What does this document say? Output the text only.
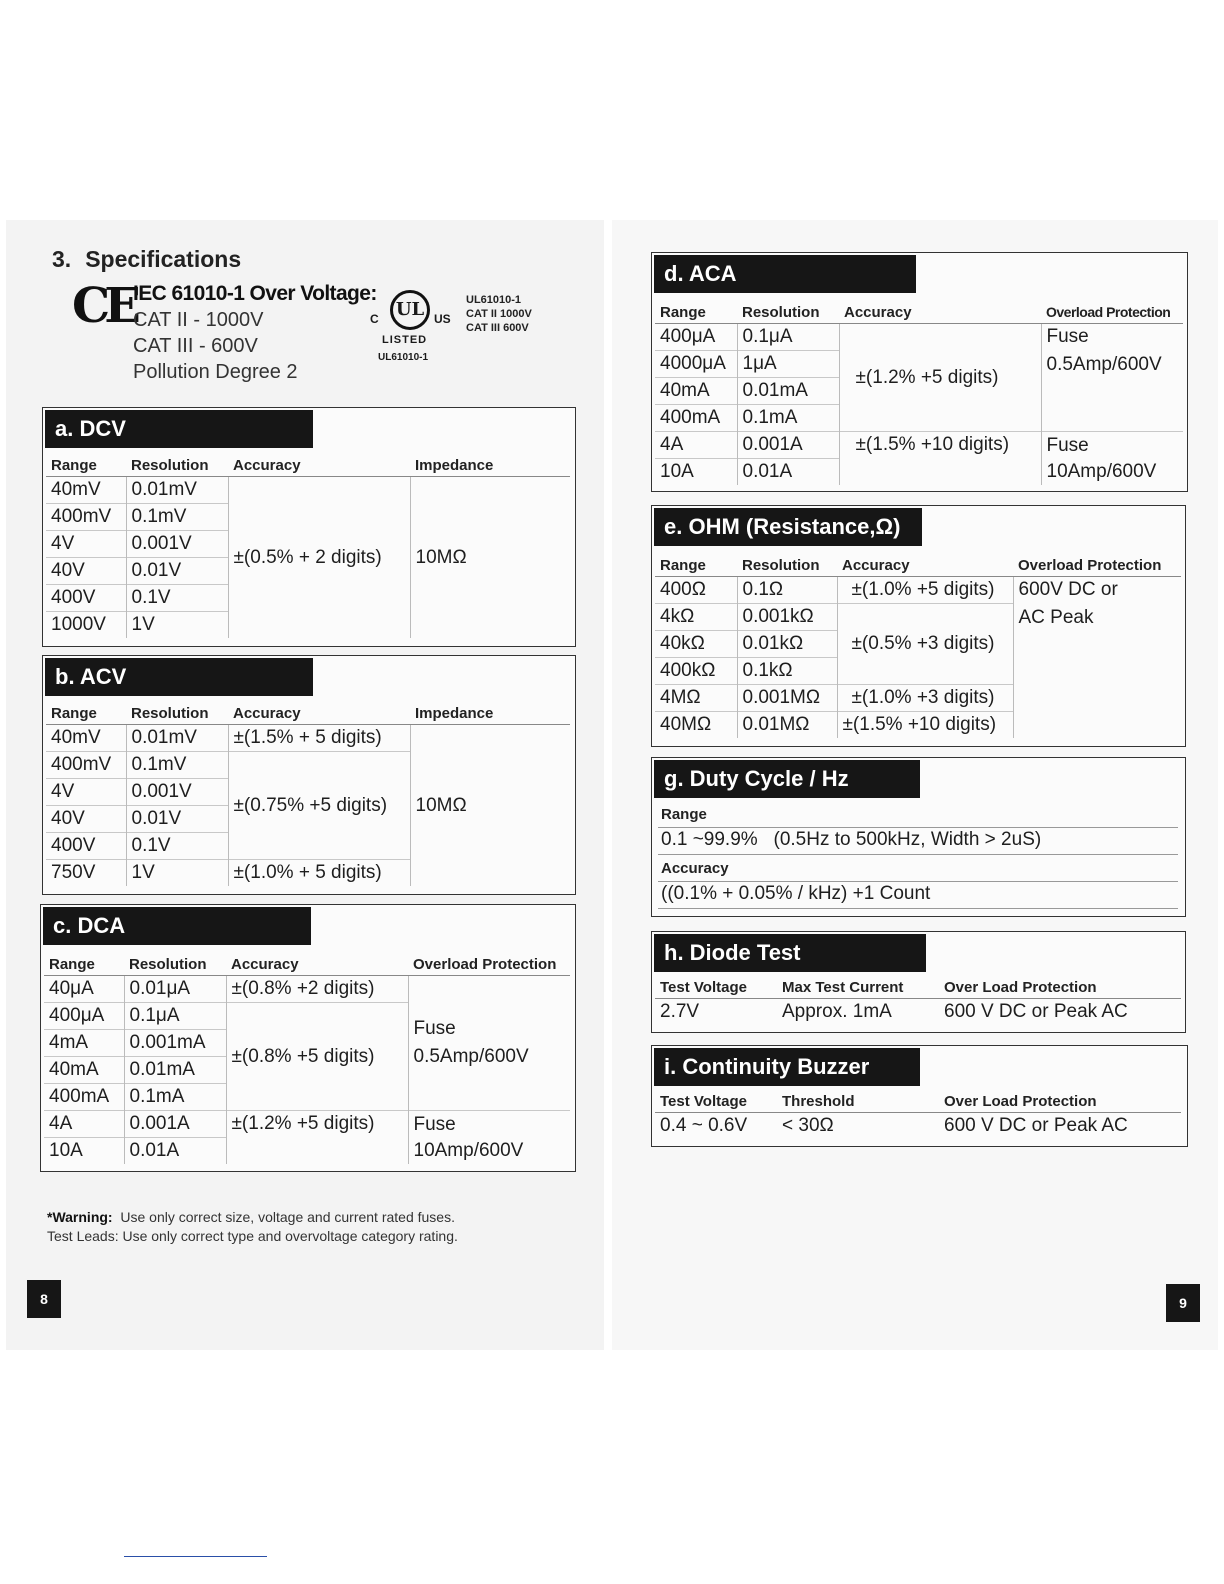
3. Specifications
CE
IEC 61010-1 Over Voltage:
CAT II - 1000V
CAT III - 600V
Pollution Degree 2
C UL US
LISTED
UL61010-1
UL61010-1
CAT II 1000V
CAT III 600V
a. DCV
Range	Resolution	Accuracy	Impedance
40mV	0.01mV	±(0.5% + 2 digits)	10MΩ
400mV	0.1mV		
4V	0.001V		
40V	0.01V		
400V	0.1V		
1000V	1V		
b. ACV
Range	Resolution	Accuracy	Impedance
40mV	0.01mV	±(1.5% + 5 digits)	10MΩ
400mV	0.1mV	±(0.75% +5 digits)	
4V	0.001V		
40V	0.01V		
400V	0.1V		
750V	1V	±(1.0% + 5 digits)	
c. DCA
Range	Resolution	Accuracy	Overload Protection
40μA	0.01μA	±(0.8% +2 digits)	Fuse
0.5Amp/600V

400μA	0.1μA	±(0.8% +5 digits)	
4mA	0.001mA		
40mA	0.01mA		
400mA	0.1mA		
4A	0.001A	±(1.2% +5 digits)	Fuse
10Amp/600V

10A	0.01A		
*Warning: Use only correct size, voltage and current rated fuses.
Test Leads: Use only correct type and overvoltage category rating.
8
d. ACA
Range	Resolution	Accuracy	Overload Protection
400μA	0.1μA	±(1.2% +5 digits)	Fuse
0.5Amp/600V

4000μA	1μA		
40mA	0.01mA		
400mA	0.1mA		
4A	0.001A	±(1.5% +10 digits)	Fuse
10Amp/600V

10A	0.01A		
e. OHM (Resistance,Ω)
Range	Resolution	Accuracy	Overload Protection
400Ω	0.1Ω	±(1.0% +5 digits)	600V DC or
AC Peak

4kΩ	0.001kΩ	±(0.5% +3 digits)	
40kΩ	0.01kΩ		
400kΩ	0.1kΩ		
4MΩ	0.001MΩ	±(1.0% +3 digits)	
40MΩ	0.01MΩ	±(1.5% +10 digits)	
g. Duty Cycle / Hz
Range
0.1 ~99.9%   (0.5Hz to 500kHz, Width > 2uS)
Accuracy
((0.1% + 0.05% / kHz) +1 Count
h. Diode Test
Test Voltage	Max Test Current	Over Load Protection
2.7V	Approx. 1mA	600 V DC or Peak AC
i. Continuity Buzzer
Test Voltage	Threshold	Over Load Protection
0.4 ~ 0.6V	< 30Ω	600 V DC or Peak AC
9
